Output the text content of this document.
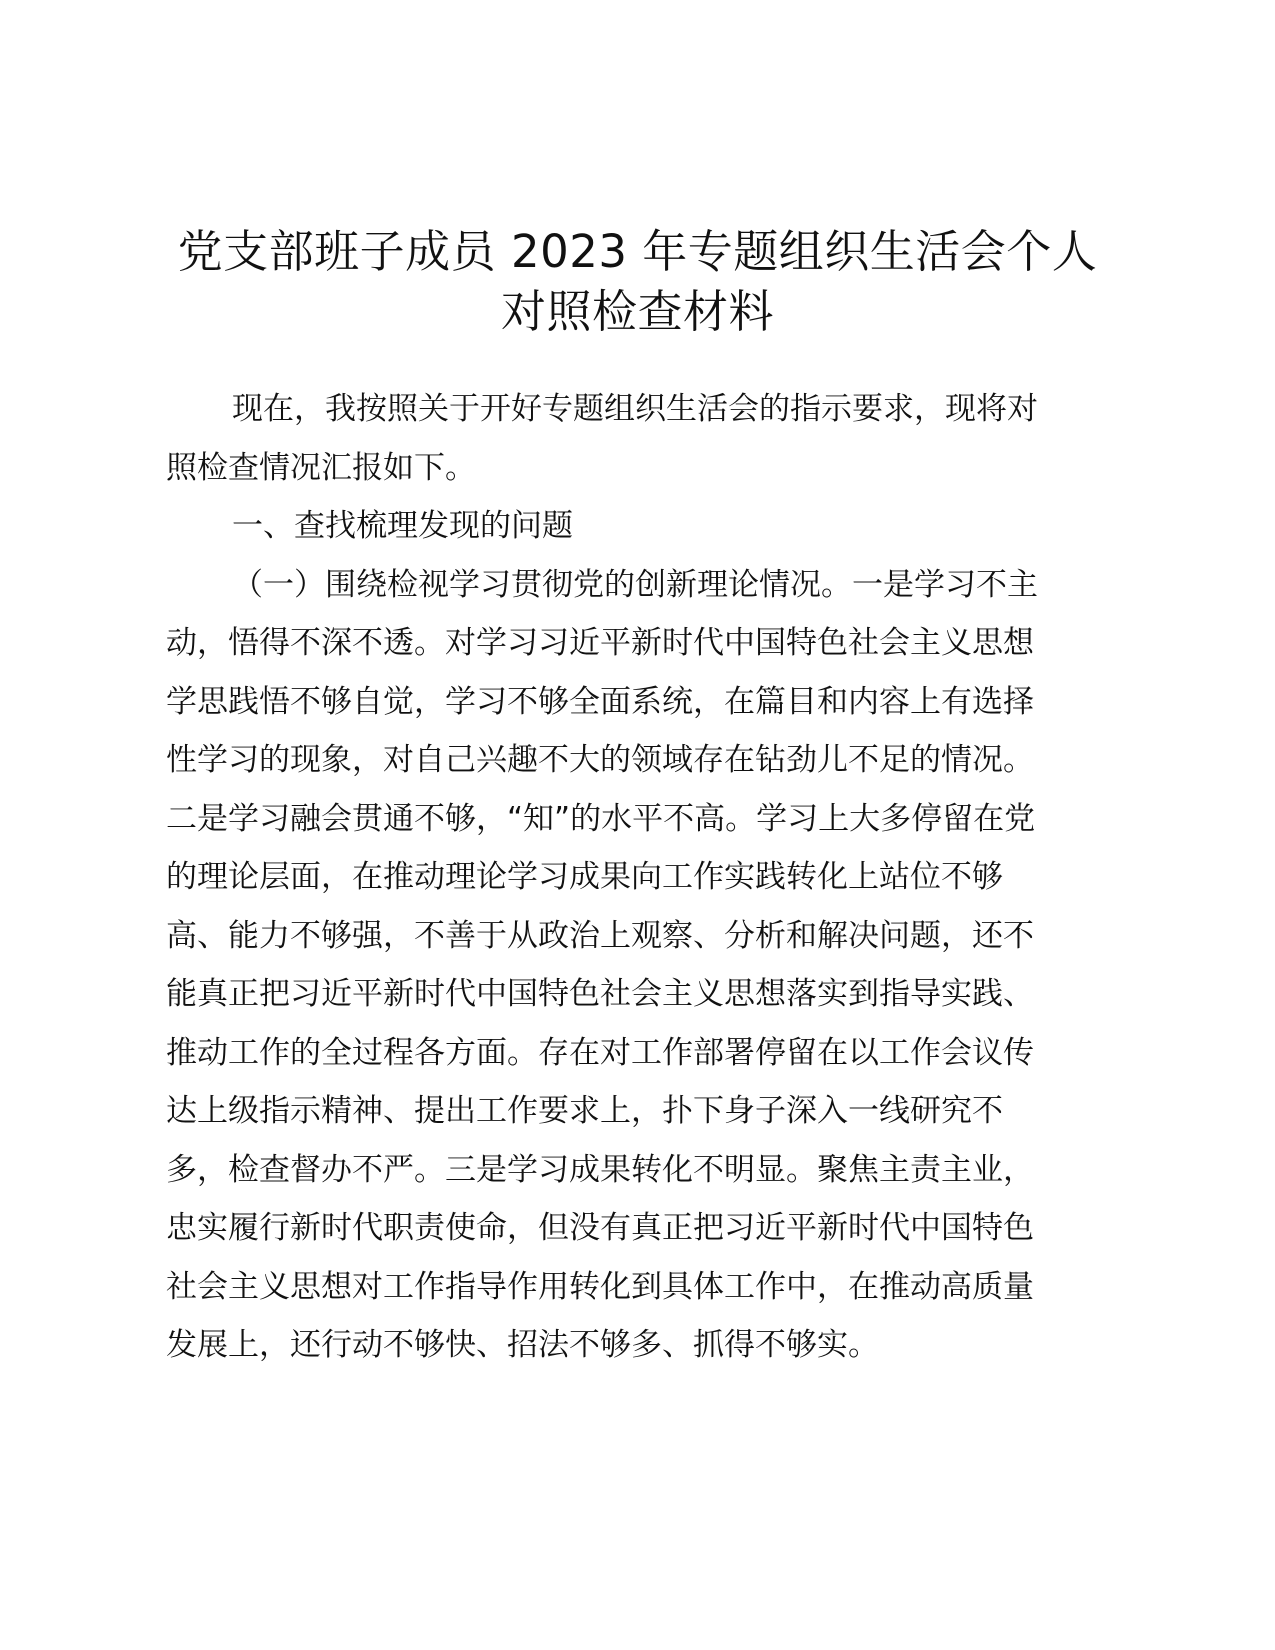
党支部班子成员 2023 年专题组织生活会个人
对照检查材料
现在，我按照关于开好专题组织生活会的指示要求，现将对
照检查情况汇报如下。
一、查找梳理发现的问题
（一）围绕检视学习贯彻党的创新理论情况。一是学习不主
动，悟得不深不透。对学习习近平新时代中国特色社会主义思想
学思践悟不够自觉，学习不够全面系统，在篇目和内容上有选择
性学习的现象，对自己兴趣不大的领域存在钻劲儿不足的情况。
二是学习融会贯通不够，“知”的水平不高。学习上大多停留在党
的理论层面，在推动理论学习成果向工作实践转化上站位不够
高、能力不够强，不善于从政治上观察、分析和解决问题，还不
能真正把习近平新时代中国特色社会主义思想落实到指导实践、
推动工作的全过程各方面。存在对工作部署停留在以工作会议传
达上级指示精神、提出工作要求上，扑下身子深入一线研究不
多，检查督办不严。三是学习成果转化不明显。聚焦主责主业，
忠实履行新时代职责使命，但没有真正把习近平新时代中国特色
社会主义思想对工作指导作用转化到具体工作中，在推动高质量
发展上，还行动不够快、招法不够多、抓得不够实。
